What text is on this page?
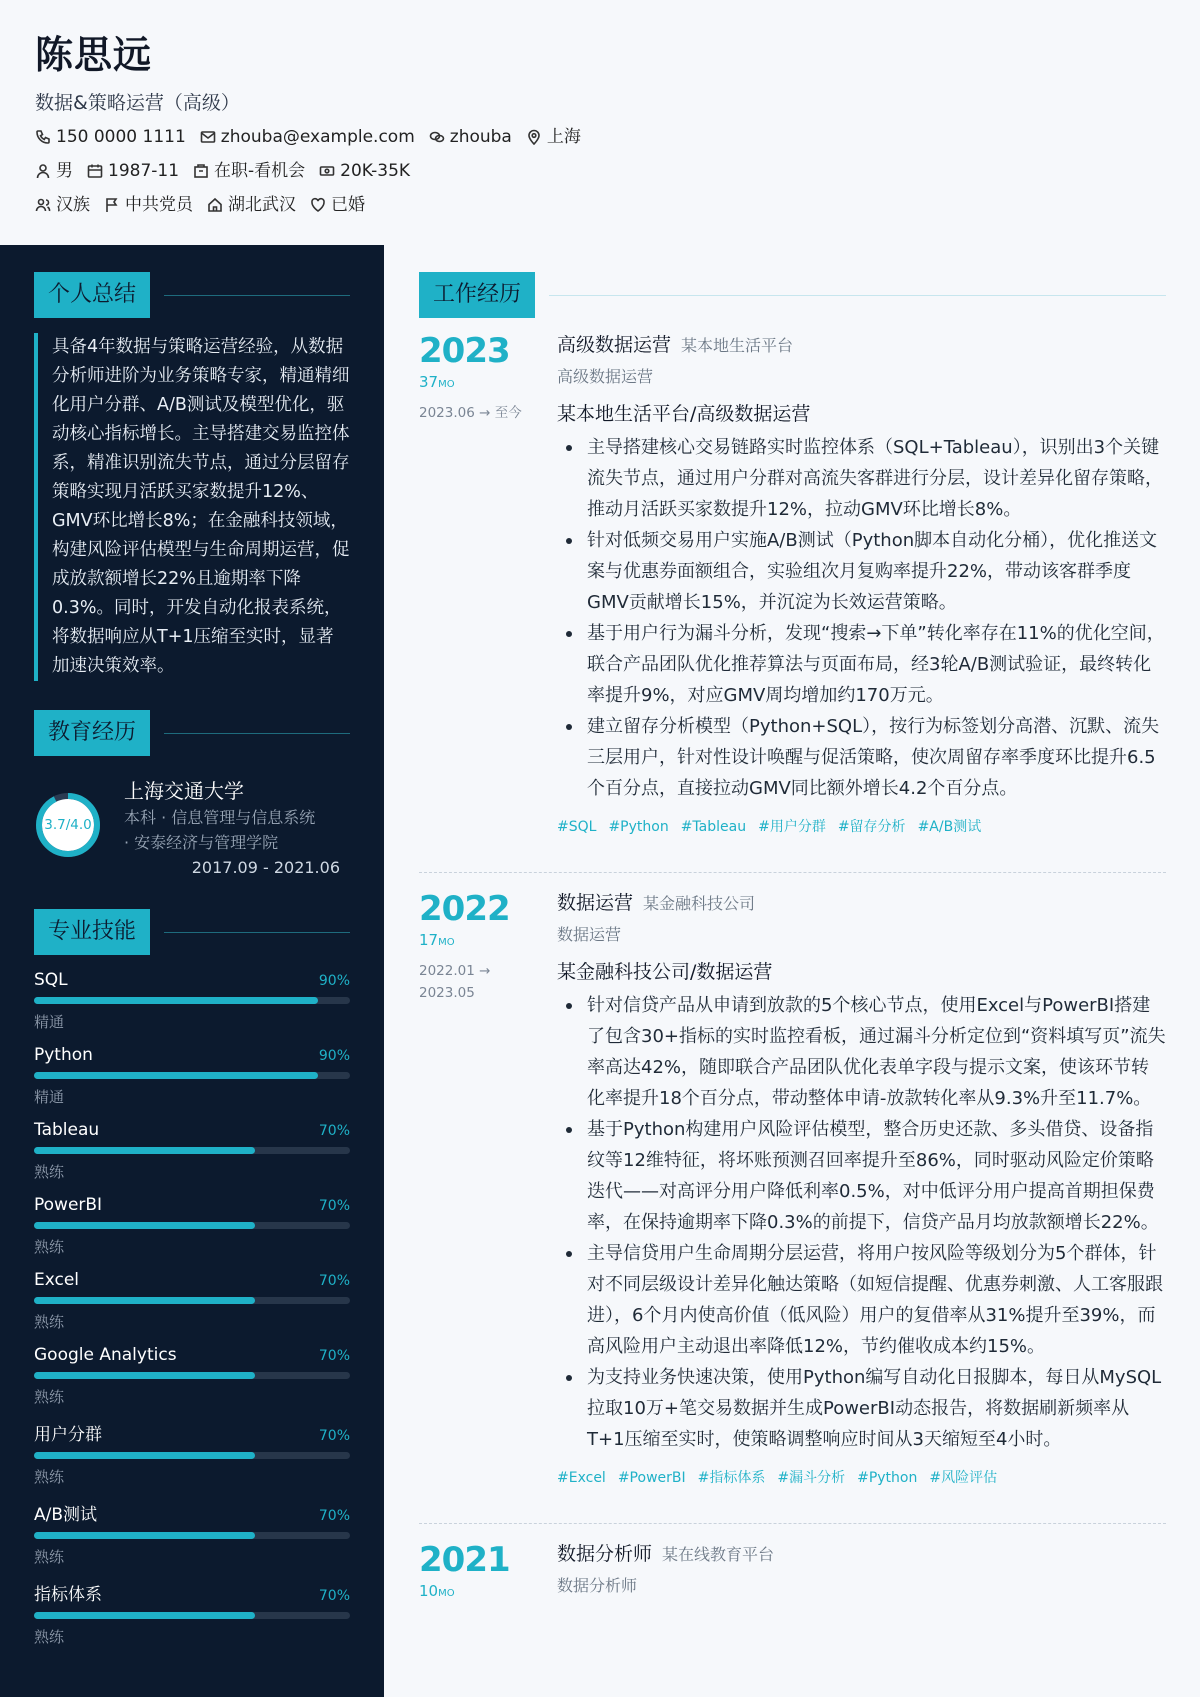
陈思远
数据&策略运营（高级）
150 0000 1111 zhouba@example.com zhouba 上海
男 1987-11 在职-看机会 20K-35K
汉族 中共党员 湖北武汉 已婚
个人总结
具备4年数据与策略运营经验，从数据分析师进阶为业务策略专家，精通精细化用户分群、A/B测试及模型优化，驱动核心指标增长。主导搭建交易监控体系，精准识别流失节点，通过分层留存策略实现月活跃买家数提升12%、GMV环比增长8%；在金融科技领域，构建风险评估模型与生命周期运营，促成放款额增长22%且逾期率下降0.3%。同时，开发自动化报表系统，将数据响应从T+1压缩至实时，显著加速决策效率。
教育经历
3.7/4.0
上海交通大学
本科 · 信息管理与信息系统
· 安泰经济与管理学院
2017.09 - 2021.06
专业技能
SQL	90%
精通
Python	90%
精通
Tableau	70%
熟练
PowerBI	70%
熟练
Excel	70%
熟练
Google Analytics	70%
熟练
用户分群	70%
熟练
A/B测试	70%
熟练
指标体系	70%
熟练
工作经历
2023
37MO
2023.06 → 至今
高级数据运营 某本地生活平台
高级数据运营
某本地生活平台/高级数据运营
主导搭建核心交易链路实时监控体系（SQL+Tableau），识别出3个关键流失节点，通过用户分群对高流失客群进行分层，设计差异化留存策略，推动月活跃买家数提升12%，拉动GMV环比增长8%。
针对低频交易用户实施A/B测试（Python脚本自动化分桶），优化推送文案与优惠券面额组合，实验组次月复购率提升22%，带动该客群季度GMV贡献增长15%，并沉淀为长效运营策略。
基于用户行为漏斗分析，发现“搜索→下单”转化率存在11%的优化空间，联合产品团队优化推荐算法与页面布局，经3轮A/B测试验证，最终转化率提升9%，对应GMV周均增加约170万元。
建立留存分析模型（Python+SQL），按行为标签划分高潜、沉默、流失三层用户，针对性设计唤醒与促活策略，使次周留存率季度环比提升6.5个百分点，直接拉动GMV同比额外增长4.2个百分点。
#SQL #Python #Tableau #用户分群 #留存分析 #A/B测试
2022
17MO
2022.01 → 2023.05
数据运营 某金融科技公司
数据运营
某金融科技公司/数据运营
针对信贷产品从申请到放款的5个核心节点，使用Excel与PowerBI搭建了包含30+指标的实时监控看板，通过漏斗分析定位到“资料填写页”流失率高达42%，随即联合产品团队优化表单字段与提示文案，使该环节转化率提升18个百分点，带动整体申请-放款转化率从9.3%升至11.7%。
基于Python构建用户风险评估模型，整合历史还款、多头借贷、设备指纹等12维特征，将坏账预测召回率提升至86%，同时驱动风险定价策略迭代——对高评分用户降低利率0.5%，对中低评分用户提高首期担保费率，在保持逾期率下降0.3%的前提下，信贷产品月均放款额增长22%。
主导信贷用户生命周期分层运营，将用户按风险等级划分为5个群体，针对不同层级设计差异化触达策略（如短信提醒、优惠券刺激、人工客服跟进），6个月内使高价值（低风险）用户的复借率从31%提升至39%，而高风险用户主动退出率降低12%，节约催收成本约15%。
为支持业务快速决策，使用Python编写自动化日报脚本，每日从MySQL拉取10万+笔交易数据并生成PowerBI动态报告，将数据刷新频率从T+1压缩至实时，使策略调整响应时间从3天缩短至4小时。
#Excel #PowerBI #指标体系 #漏斗分析 #Python #风险评估
2021
10MO
数据分析师 某在线教育平台
数据分析师
